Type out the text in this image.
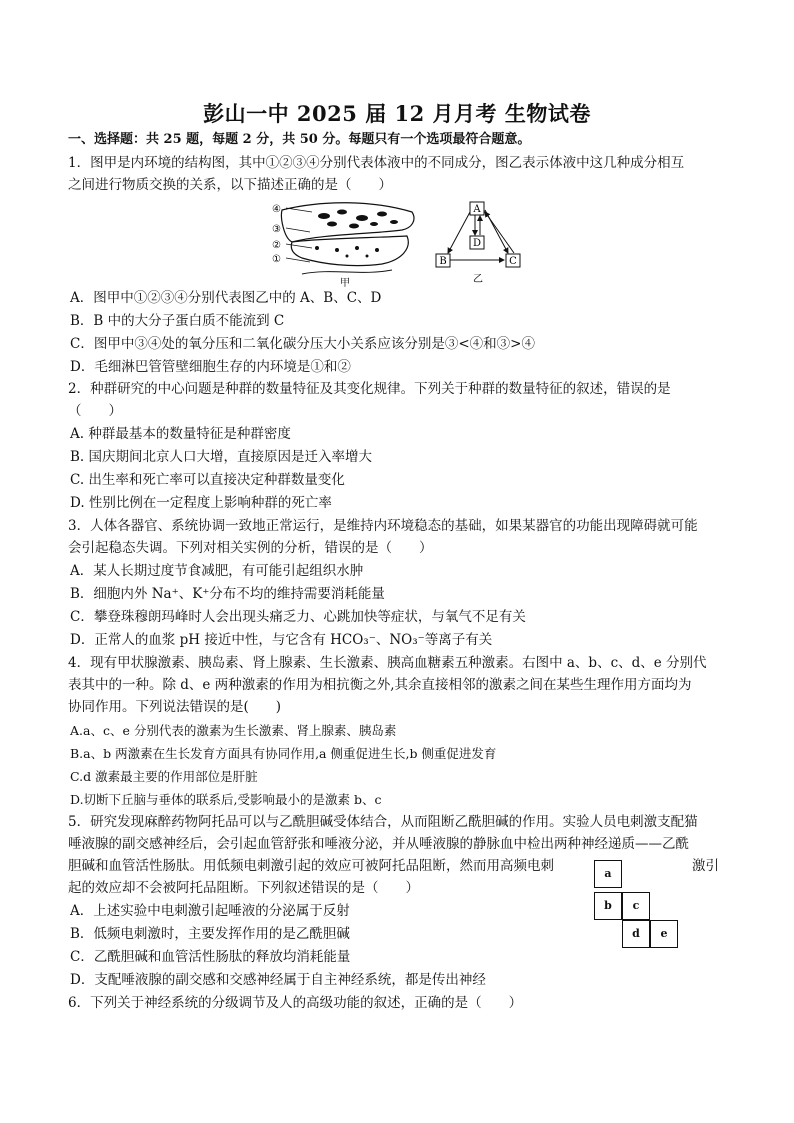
彭山一中 2025 届 12 月月考 生物试卷
一、选择题：共 25 题，每题 2 分，共 50 分。每题只有一个选项最符合题意。
1．图甲是内环境的结构图，其中①②③④分别代表体液中的不同成分，图乙表示体液中这几种成分相互
之间进行物质交换的关系，以下描述正确的是（　　）
④
③
②
①
甲
A
B	C
D
乙
A．图甲中①②③④分别代表图乙中的 A、B、C、D
B．B 中的大分子蛋白质不能流到 C
C．图甲中③④处的氧分压和二氧化碳分压大小关系应该分别是③<④和③>④
D．毛细淋巴管管壁细胞生存的内环境是①和②
2．种群研究的中心问题是种群的数量特征及其变化规律。下列关于种群的数量特征的叙述，错误的是
（　　）
A. 种群最基本的数量特征是种群密度
B. 国庆期间北京人口大增，直接原因是迁入率增大
C. 出生率和死亡率可以直接决定种群数量变化
D. 性别比例在一定程度上影响种群的死亡率
3．人体各器官、系统协调一致地正常运行，是维持内环境稳态的基础，如果某器官的功能出现障碍就可能
会引起稳态失调。下列对相关实例的分析，错误的是（　　）
A．某人长期过度节食减肥，有可能引起组织水肿
B．细胞内外 Na⁺、K⁺分布不均的维持需要消耗能量
C．攀登珠穆朗玛峰时人会出现头痛乏力、心跳加快等症状，与氧气不足有关
D．正常人的血浆 pH 接近中性，与它含有 HCO₃⁻、NO₃⁻等离子有关
4．现有甲状腺激素、胰岛素、肾上腺素、生长激素、胰高血糖素五种激素。右图中 a、b、c、d、e 分别代
表其中的一种。除 d、e 两种激素的作用为相抗衡之外,其余直接相邻的激素之间在某些生理作用方面均为
协同作用。下列说法错误的是(　　)
A.a、c、e 分别代表的激素为生长激素、肾上腺素、胰岛素
B.a、b 两激素在生长发育方面具有协同作用,a 侧重促进生长,b 侧重促进发育
C.d 激素最主要的作用部位是肝脏
D.切断下丘脑与垂体的联系后,受影响最小的是激素 b、c
5．研究发现麻醉药物阿托品可以与乙酰胆碱受体结合，从而阻断乙酰胆碱的作用。实验人员电刺激支配猫
唾液腺的副交感神经后，会引起血管舒张和唾液分泌，并从唾液腺的静脉血中检出两种神经递质——乙酰
胆碱和血管活性肠肽。用低频电刺激引起的效应可被阿托品阻断，然而用高频电刺	激引
起的效应却不会被阿托品阻断。下列叙述错误的是（　　）
A．上述实验中电刺激引起唾液的分泌属于反射
B．低频电刺激时，主要发挥作用的是乙酰胆碱
C．乙酰胆碱和血管活性肠肽的释放均消耗能量
D．支配唾液腺的副交感和交感神经属于自主神经系统，都是传出神经
a
b	c
d	e
6．下列关于神经系统的分级调节及人的高级功能的叙述，正确的是（　　）
